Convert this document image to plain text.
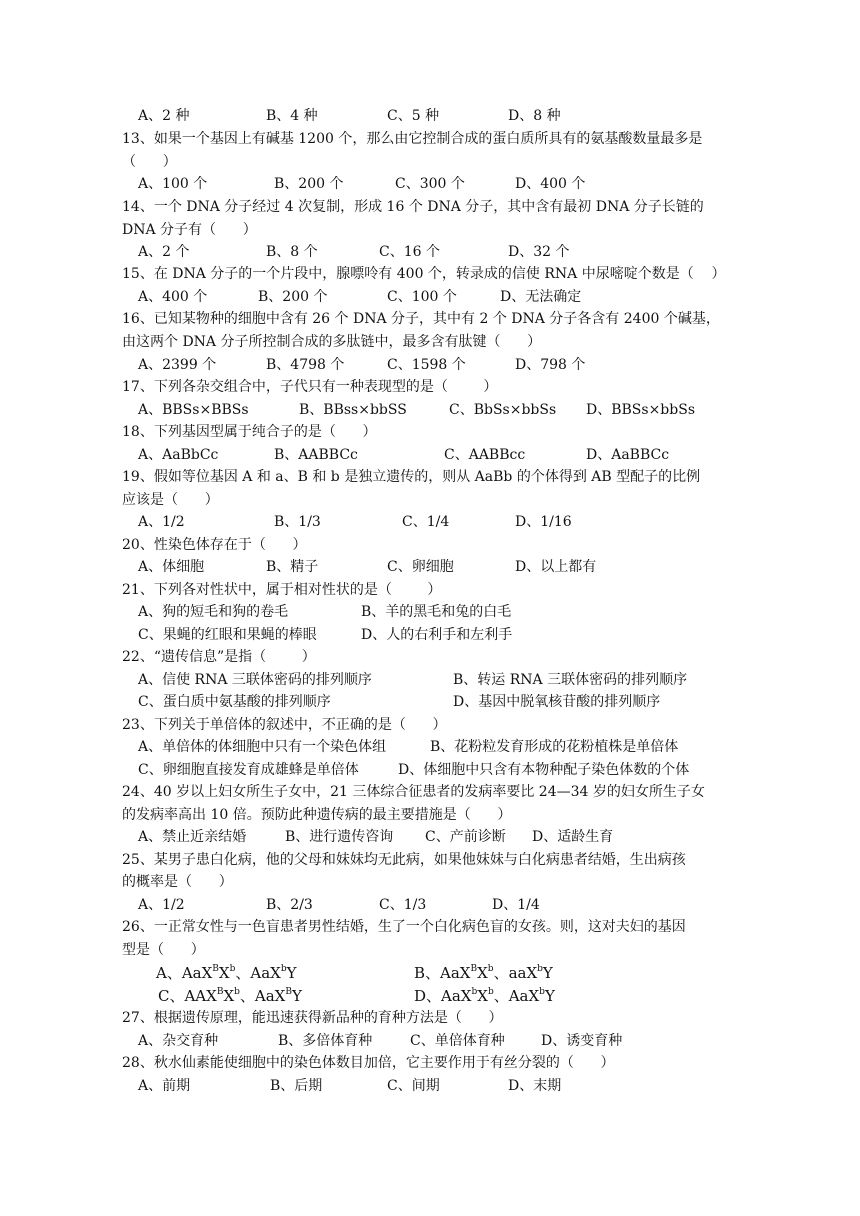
A、2 种	B、4 种	C、5 种	D、8 种
13、如果一个基因上有碱基 1200 个，那么由它控制合成的蛋白质所具有的氨基酸数量最多是
（      ）
A、100 个	B、200 个	C、300 个	D、400 个
14、一个 DNA 分子经过 4 次复制，形成 16 个 DNA 分子，其中含有最初 DNA 分子长链的
DNA 分子有（      ）
A、2 个	B、8 个	C、16 个	D、32 个
15、在 DNA 分子的一个片段中，腺嘌呤有 400 个，转录成的信使 RNA 中尿嘧啶个数是（    ）
A、400 个	B、200 个	C、100 个	D、无法确定
16、已知某物种的细胞中含有 26 个 DNA 分子，其中有 2 个 DNA 分子各含有 2400 个碱基，
由这两个 DNA 分子所控制合成的多肽链中，最多含有肽键（      ）
A、2399 个	B、4798 个	C、1598 个	D、798 个
17、下列各杂交组合中，子代只有一种表现型的是（        ）
A、BBSs×BBSs	B、BBss×bbSS	C、BbSs×bbSs D、BBSs×bbSs
18、下列基因型属于纯合子的是（      ）
A、AaBbCc	B、AABBCc	C、AABBcc	D、AaBBCc
19、假如等位基因 A 和 a、B 和 b 是独立遗传的，则从 AaBb 的个体得到 AB 型配子的比例
应该是（      ）
A、1/2	B、1/3	C、1/4	D、1/16
20、性染色体存在于（      ）
A、体细胞	B、精子	C、卵细胞	D、以上都有
21、下列各对性状中，属于相对性状的是（        ）
A、狗的短毛和狗的卷毛	B、羊的黑毛和兔的白毛
C、果蝇的红眼和果蝇的棒眼	D、人的右利手和左利手
22、“遗传信息”是指（        ）
A、信使 RNA 三联体密码的排列顺序	B、转运 RNA 三联体密码的排列顺序
C、蛋白质中氨基酸的排列顺序	D、基因中脱氧核苷酸的排列顺序
23、下列关于单倍体的叙述中，不正确的是（      ）
A、单倍体的体细胞中只有一个染色体组	B、花粉粒发育形成的花粉植株是单倍体
C、卵细胞直接发育成雄蜂是单倍体	D、体细胞中只含有本物种配子染色体数的个体
24、40 岁以上妇女所生子女中，21 三体综合征患者的发病率要比 24—34 岁的妇女所生子女
的发病率高出 10 倍。预防此种遗传病的最主要措施是（      ）
A、禁止近亲结婚	B、进行遗传咨询 C、产前诊断 D、适龄生育
25、某男子患白化病，他的父母和妹妹均无此病，如果他妹妹与白化病患者结婚，生出病孩
的概率是（      ）
A、1/2	B、2/3	C、1/3	D、1/4
26、一正常女性与一色盲患者男性结婚，生了一个白化病色盲的女孩。则，这对夫妇的基因
型是（      ）
A、$AaX^BX^b$、AaX$^b$Y	B、$AaX^BX^b$、aaX$^b$Y
C、$AAX^BX^b$、AaX$^B$Y	D、$AaX^bX^b$、AaX$^b$Y
27、根据遗传原理，能迅速获得新品种的育种方法是（      ）
A、杂交育种	B、多倍体育种	C、单倍体育种	D、诱变育种
28、秋水仙素能使细胞中的染色体数目加倍，它主要作用于有丝分裂的（      ）
A、前期	B、后期	C、间期	D、末期
